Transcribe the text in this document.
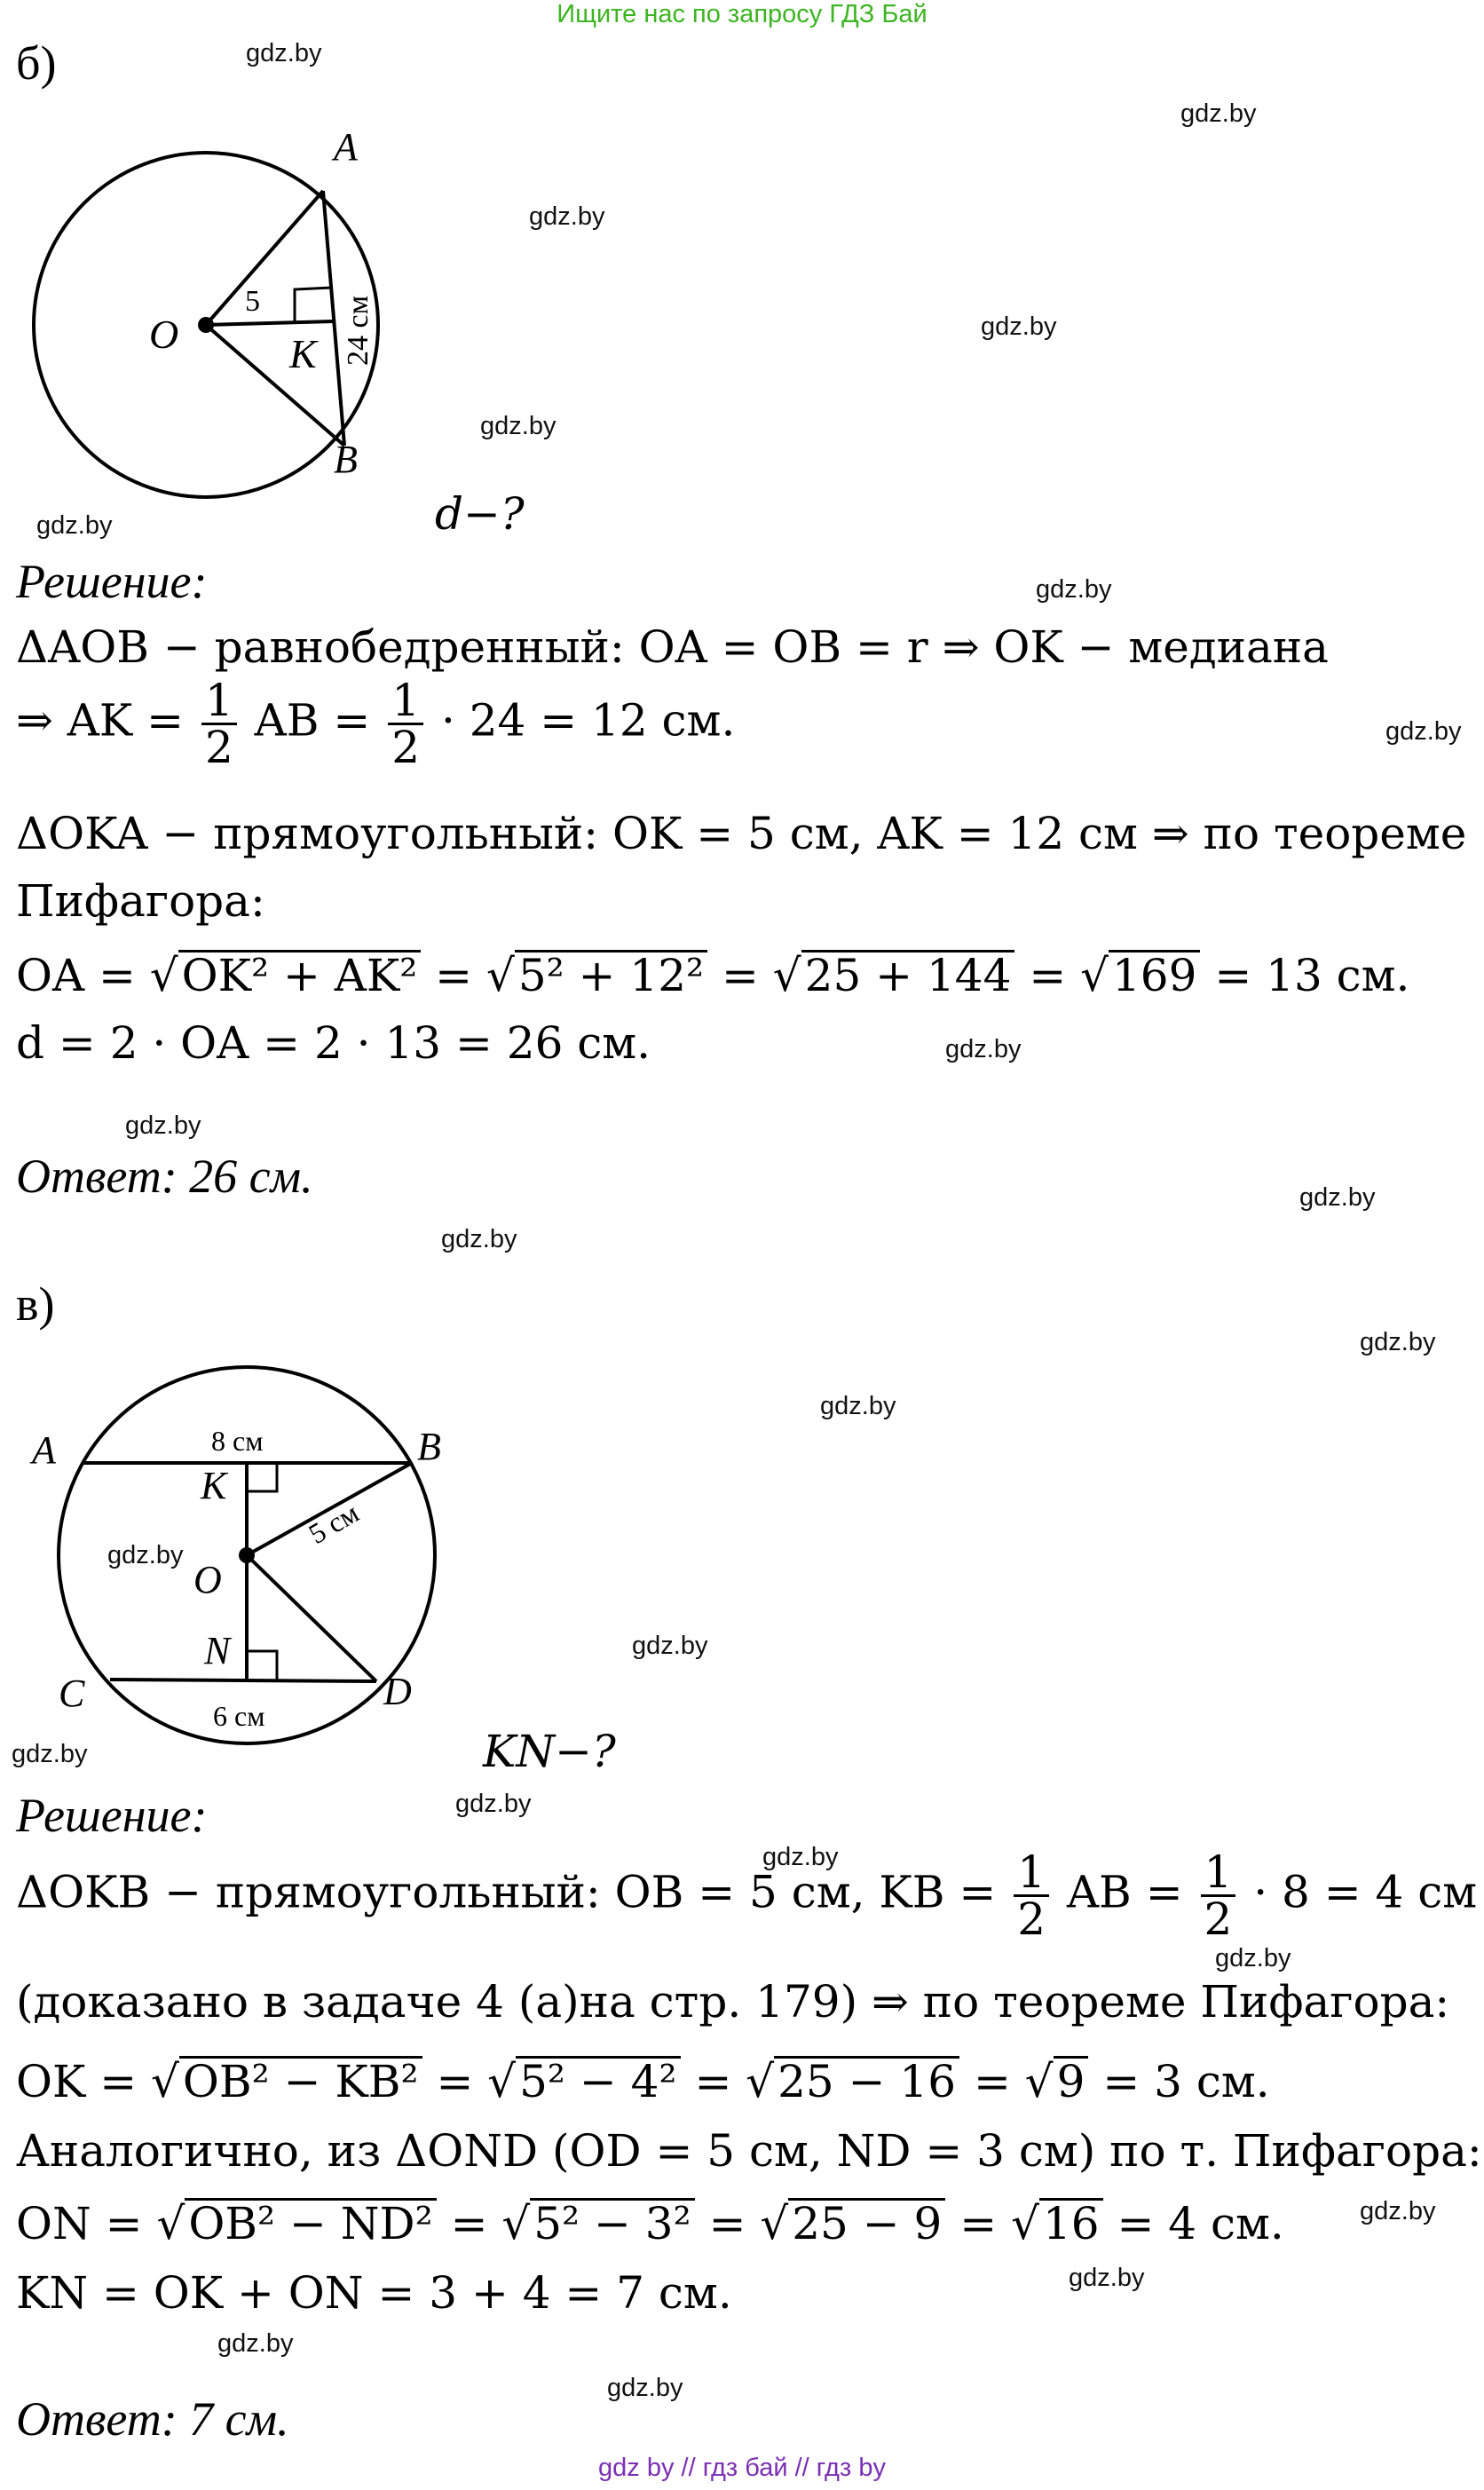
Ищите нас по запросу ГДЗ Бай
gdz by // гдз бай // гдз by
gdz.by
gdz.by
gdz.by
gdz.by
gdz.by
gdz.by
gdz.by
gdz.by
gdz.by
gdz.by
gdz.by
gdz.by
gdz.by
gdz.by
gdz.by
gdz.by
gdz.by
gdz.by
gdz.by
gdz.by
gdz.by
gdz.by
gdz.by
gdz.by
б)
A
B
O	K
5	24 см
d−?
Решение:
ΔAOB − равнобедренный: OA = OB = r ⇒ OK − медиана
⇒ AK = $\frac{1}{2}$ AB = $\frac{1}{2} \cdot 24 = 12$ см.
ΔOKA − прямоугольный: OK = 5 см, AK = 12 см ⇒ по теореме
Пифагора:
OA = √OK² + AK² = √5² + 12² = √25 + 144 = √169 = 13 см.
d = 2 · OA = 2 · 13 = 26 см.
Ответ: 26 см.
в)
A	B
C	D
K
O
N
8 см
5 см
6 см
KN−?
Решение:
ΔOKB − прямоугольный: OB = 5 см, KB = $\frac{1}{2}$ AB = $\frac{1}{2} \cdot 8 = 4$ см
(доказано в задаче 4 (а)на стр. 179) ⇒ по теореме Пифагора:
OK = √OB² − KB² = √5² − 4² = √25 − 16 = √9 = 3 см.
Аналогично, из ΔOND (OD = 5 см, ND = 3 см) по т. Пифагора:
ON = √OB² − ND² = √5² − 3² = √25 − 9 = √16 = 4 см.
KN = OK + ON = 3 + 4 = 7 см.
Ответ: 7 см.
